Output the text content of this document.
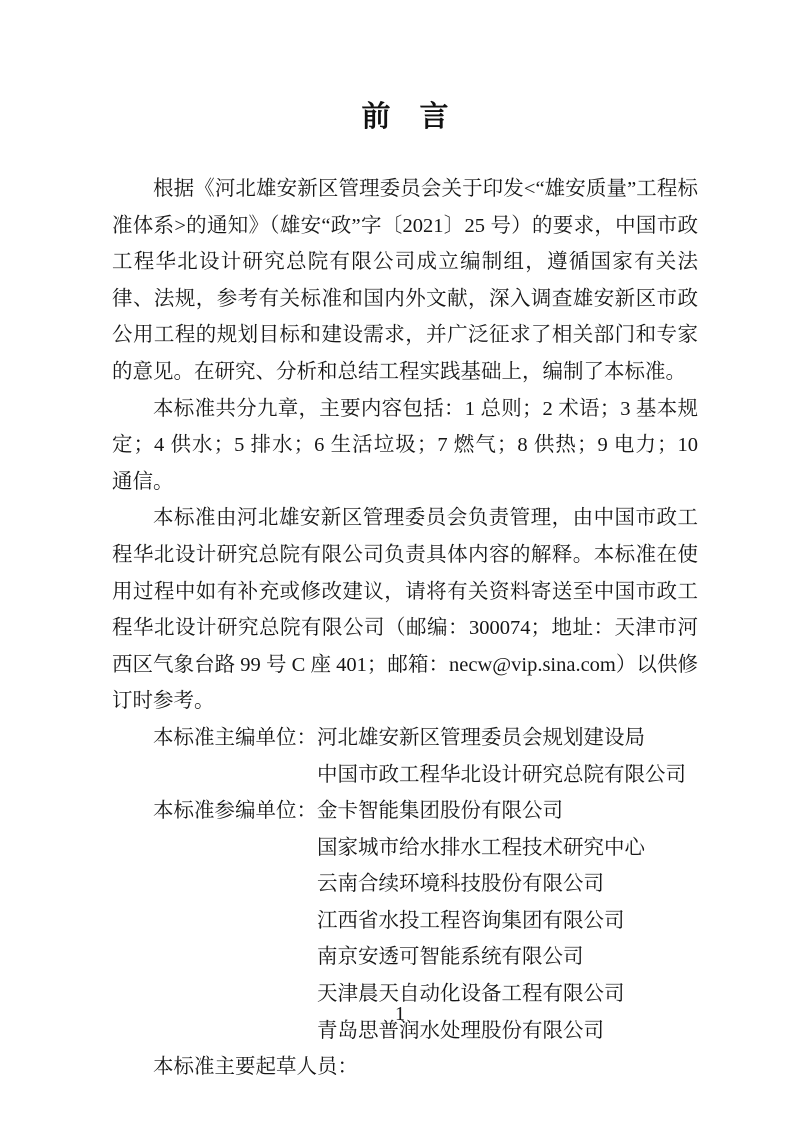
前　言

根据《河北雄安新区管理委员会关于印发<“雄安质量”工程标准体系>的通知》（雄安“政”字〔2021〕25 号）的要求，中国市政工程华北设计研究总院有限公司成立编制组，遵循国家有关法律、法规，参考有关标准和国内外文献，深入调查雄安新区市政公用工程的规划目标和建设需求，并广泛征求了相关部门和专家的意见。在研究、分析和总结工程实践基础上，编制了本标准。

本标准共分九章，主要内容包括：1 总则；2 术语；3 基本规定；4 供水；5 排水；6 生活垃圾；7 燃气；8 供热；9 电力；10 通信。

本标准由河北雄安新区管理委员会负责管理，由中国市政工程华北设计研究总院有限公司负责具体内容的解释。本标准在使用过程中如有补充或修改建议，请将有关资料寄送至中国市政工程华北设计研究总院有限公司（邮编：300074；地址：天津市河西区气象台路 99 号 C 座 401；邮箱：necw@vip.sina.com）以供修订时参考。

本标准主编单位： 河北雄安新区管理委员会规划建设局
中国市政工程华北设计研究总院有限公司
本标准参编单位： 金卡智能集团股份有限公司
国家城市给水排水工程技术研究中心
云南合续环境科技股份有限公司
江西省水投工程咨询集团有限公司
南京安透可智能系统有限公司
天津晨天自动化设备工程有限公司
青岛思普润水处理股份有限公司
本标准主要起草人员：
1
